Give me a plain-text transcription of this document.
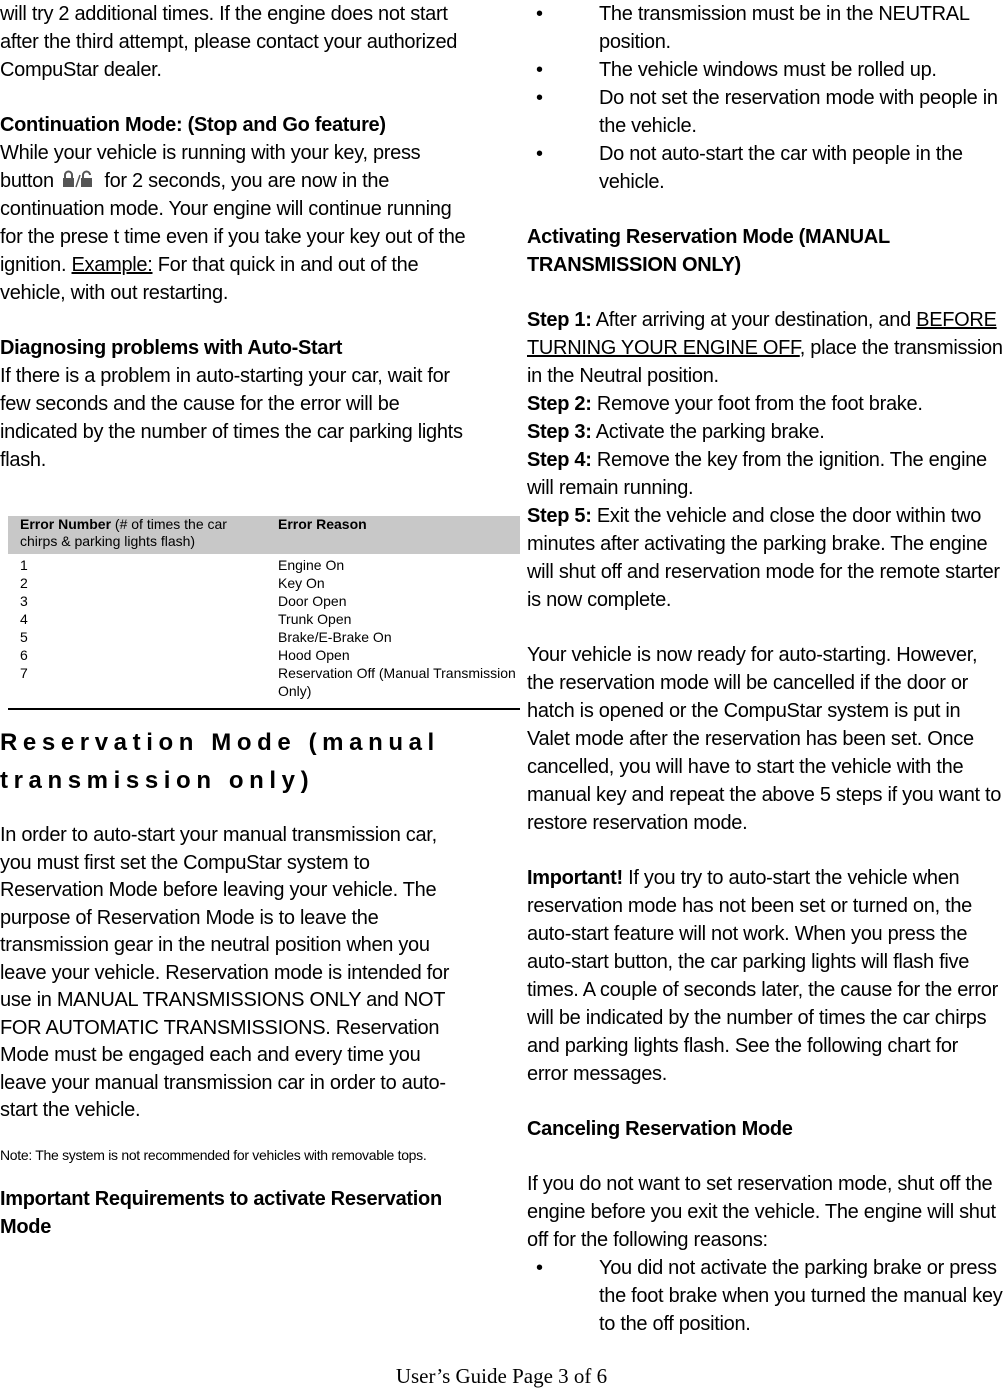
will try 2 additional times. If the engine does not start after the third attempt, please contact your authorized CompuStar dealer.

Continuation Mode: (Stop and Go feature)

While your vehicle is running with your key, press button	for 2 seconds, you are now in the continuation mode. Your engine will continue running for the prese t time even if you take your key out of the ignition. Example: For that quick in and out of the vehicle, with out restarting.

Diagnosing problems with Auto-Start

If there is a problem in auto-starting your car, wait for few seconds and the cause for the error will be indicated by the number of times the car parking lights flash.

Error Number (# of times the car chirps & parking lights flash)	Error Reason
1	Engine On
2	Key On
3	Door Open
4	Trunk Open
5	Brake/E-Brake On
6	Hood Open
7	Reservation Off (Manual Transmission Only)

Reservation Mode (manual transmission only)

In order to auto-start your manual transmission car, you must first set the CompuStar system to Reservation Mode before leaving your vehicle. The purpose of Reservation Mode is to leave the transmission gear in the neutral position when you leave your vehicle. Reservation mode is intended for use in MANUAL TRANSMISSIONS ONLY and NOT FOR AUTOMATIC TRANSMISSIONS. Reservation Mode must be engaged each and every time you leave your manual transmission car in order to auto-start the vehicle.

Note: The system is not recommended for vehicles with removable tops.

Important Requirements to activate Reservation Mode

•	The transmission must be in the NEUTRAL position.
•	The vehicle windows must be rolled up.
•	Do not set the reservation mode with people in the vehicle.
•	Do not auto-start the car with people in the vehicle.

Activating Reservation Mode (MANUAL TRANSMISSION ONLY)

Step 1: After arriving at your destination, and BEFORE TURNING YOUR ENGINE OFF, place the transmission in the Neutral position.

Step 2: Remove your foot from the foot brake.

Step 3: Activate the parking brake.

Step 4: Remove the key from the ignition. The engine will remain running.

Step 5: Exit the vehicle and close the door within two minutes after activating the parking brake. The engine will shut off and reservation mode for the remote starter is now complete.

Your vehicle is now ready for auto-starting. However, the reservation mode will be cancelled if the door or hatch is opened or the CompuStar system is put in Valet mode after the reservation has been set. Once cancelled, you will have to start the vehicle with the manual key and repeat the above 5 steps if you want to restore reservation mode.

Important! If you try to auto-start the vehicle when reservation mode has not been set or turned on, the auto-start feature will not work. When you press the auto-start button, the car parking lights will flash five times. A couple of seconds later, the cause for the error will be indicated by the number of times the car chirps and parking lights flash. See the following chart for error messages.

Canceling Reservation Mode

If you do not want to set reservation mode, shut off the engine before you exit the vehicle. The engine will shut off for the following reasons:

•	You did not activate the parking brake or press the foot brake when you turned the manual key to the off position.
User’s Guide Page 3 of 6
